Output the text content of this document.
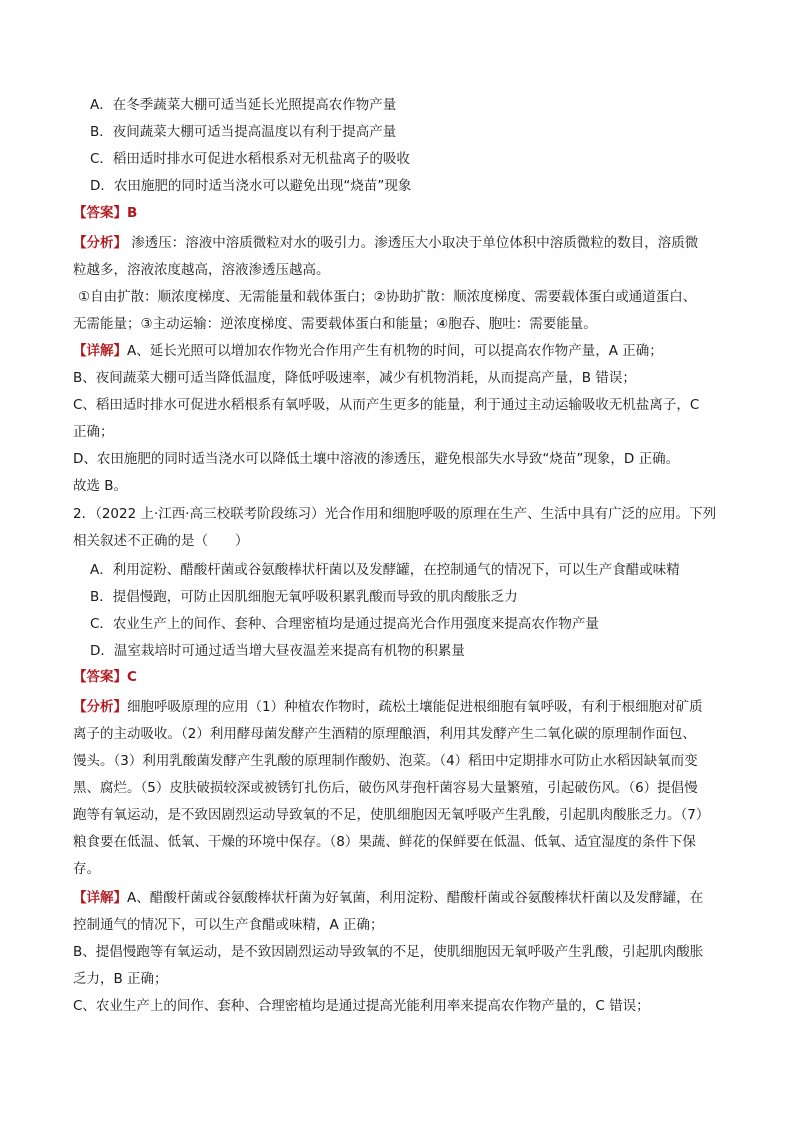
A．在冬季蔬菜大棚可适当延长光照提高农作物产量
B．夜间蔬菜大棚可适当提高温度以有利于提高产量
C．稻田适时排水可促进水稻根系对无机盐离子的吸收
D．农田施肥的同时适当浇水可以避免出现“烧苗”现象
【答案】B
【分析】 渗透压：溶液中溶质微粒对水的吸引力。渗透压大小取决于单位体积中溶质微粒的数目，溶质微
粒越多，溶液浓度越高，溶液渗透压越高。
①自由扩散：顺浓度梯度、无需能量和载体蛋白；②协助扩散：顺浓度梯度、需要载体蛋白或通道蛋白、
无需能量；③主动运输：逆浓度梯度、需要载体蛋白和能量；④胞吞、胞吐：需要能量。
【详解】A、延长光照可以增加农作物光合作用产生有机物的时间，可以提高农作物产量，A 正确；
B、夜间蔬菜大棚可适当降低温度，降低呼吸速率，减少有机物消耗，从而提高产量，B 错误；
C、稻田适时排水可促进水稻根系有氧呼吸，从而产生更多的能量，利于通过主动运输吸收无机盐离子，C
正确；
D、农田施肥的同时适当浇水可以降低土壤中溶液的渗透压，避免根部失水导致“烧苗”现象，D 正确。
故选 B。
2．（2022 上·江西·高三校联考阶段练习）光合作用和细胞呼吸的原理在生产、生活中具有广泛的应用。下列
相关叙述不正确的是（　　）
A．利用淀粉、醋酸杆菌或谷氨酸棒状杆菌以及发酵罐，在控制通气的情况下，可以生产食醋或味精
B．提倡慢跑，可防止因肌细胞无氧呼吸积累乳酸而导致的肌肉酸胀乏力
C．农业生产上的间作、套种、合理密植均是通过提高光合作用强度来提高农作物产量
D．温室栽培时可通过适当增大昼夜温差来提高有机物的积累量
【答案】C
【分析】细胞呼吸原理的应用（1）种植农作物时，疏松土壤能促进根细胞有氧呼吸，有利于根细胞对矿质
离子的主动吸收。（2）利用酵母菌发酵产生酒精的原理酿酒，利用其发酵产生二氧化碳的原理制作面包、
馒头。（3）利用乳酸菌发酵产生乳酸的原理制作酸奶、泡菜。（4）稻田中定期排水可防止水稻因缺氧而变
黑、腐烂。（5）皮肤破损较深或被锈钉扎伤后，破伤风芽孢杆菌容易大量繁殖，引起破伤风。（6）提倡慢
跑等有氧运动，是不致因剧烈运动导致氧的不足，使肌细胞因无氧呼吸产生乳酸，引起肌肉酸胀乏力。（7）
粮食要在低温、低氧、干燥的环境中保存。（8）果蔬、鲜花的保鲜要在低温、低氧、适宜湿度的条件下保
存。
【详解】A、醋酸杆菌或谷氨酸棒状杆菌为好氧菌，利用淀粉、醋酸杆菌或谷氨酸棒状杆菌以及发酵罐，在
控制通气的情况下，可以生产食醋或味精，A 正确；
B、提倡慢跑等有氧运动，是不致因剧烈运动导致氧的不足，使肌细胞因无氧呼吸产生乳酸，引起肌肉酸胀
乏力，B 正确；
C、农业生产上的间作、套种、合理密植均是通过提高光能利用率来提高农作物产量的，C 错误；
